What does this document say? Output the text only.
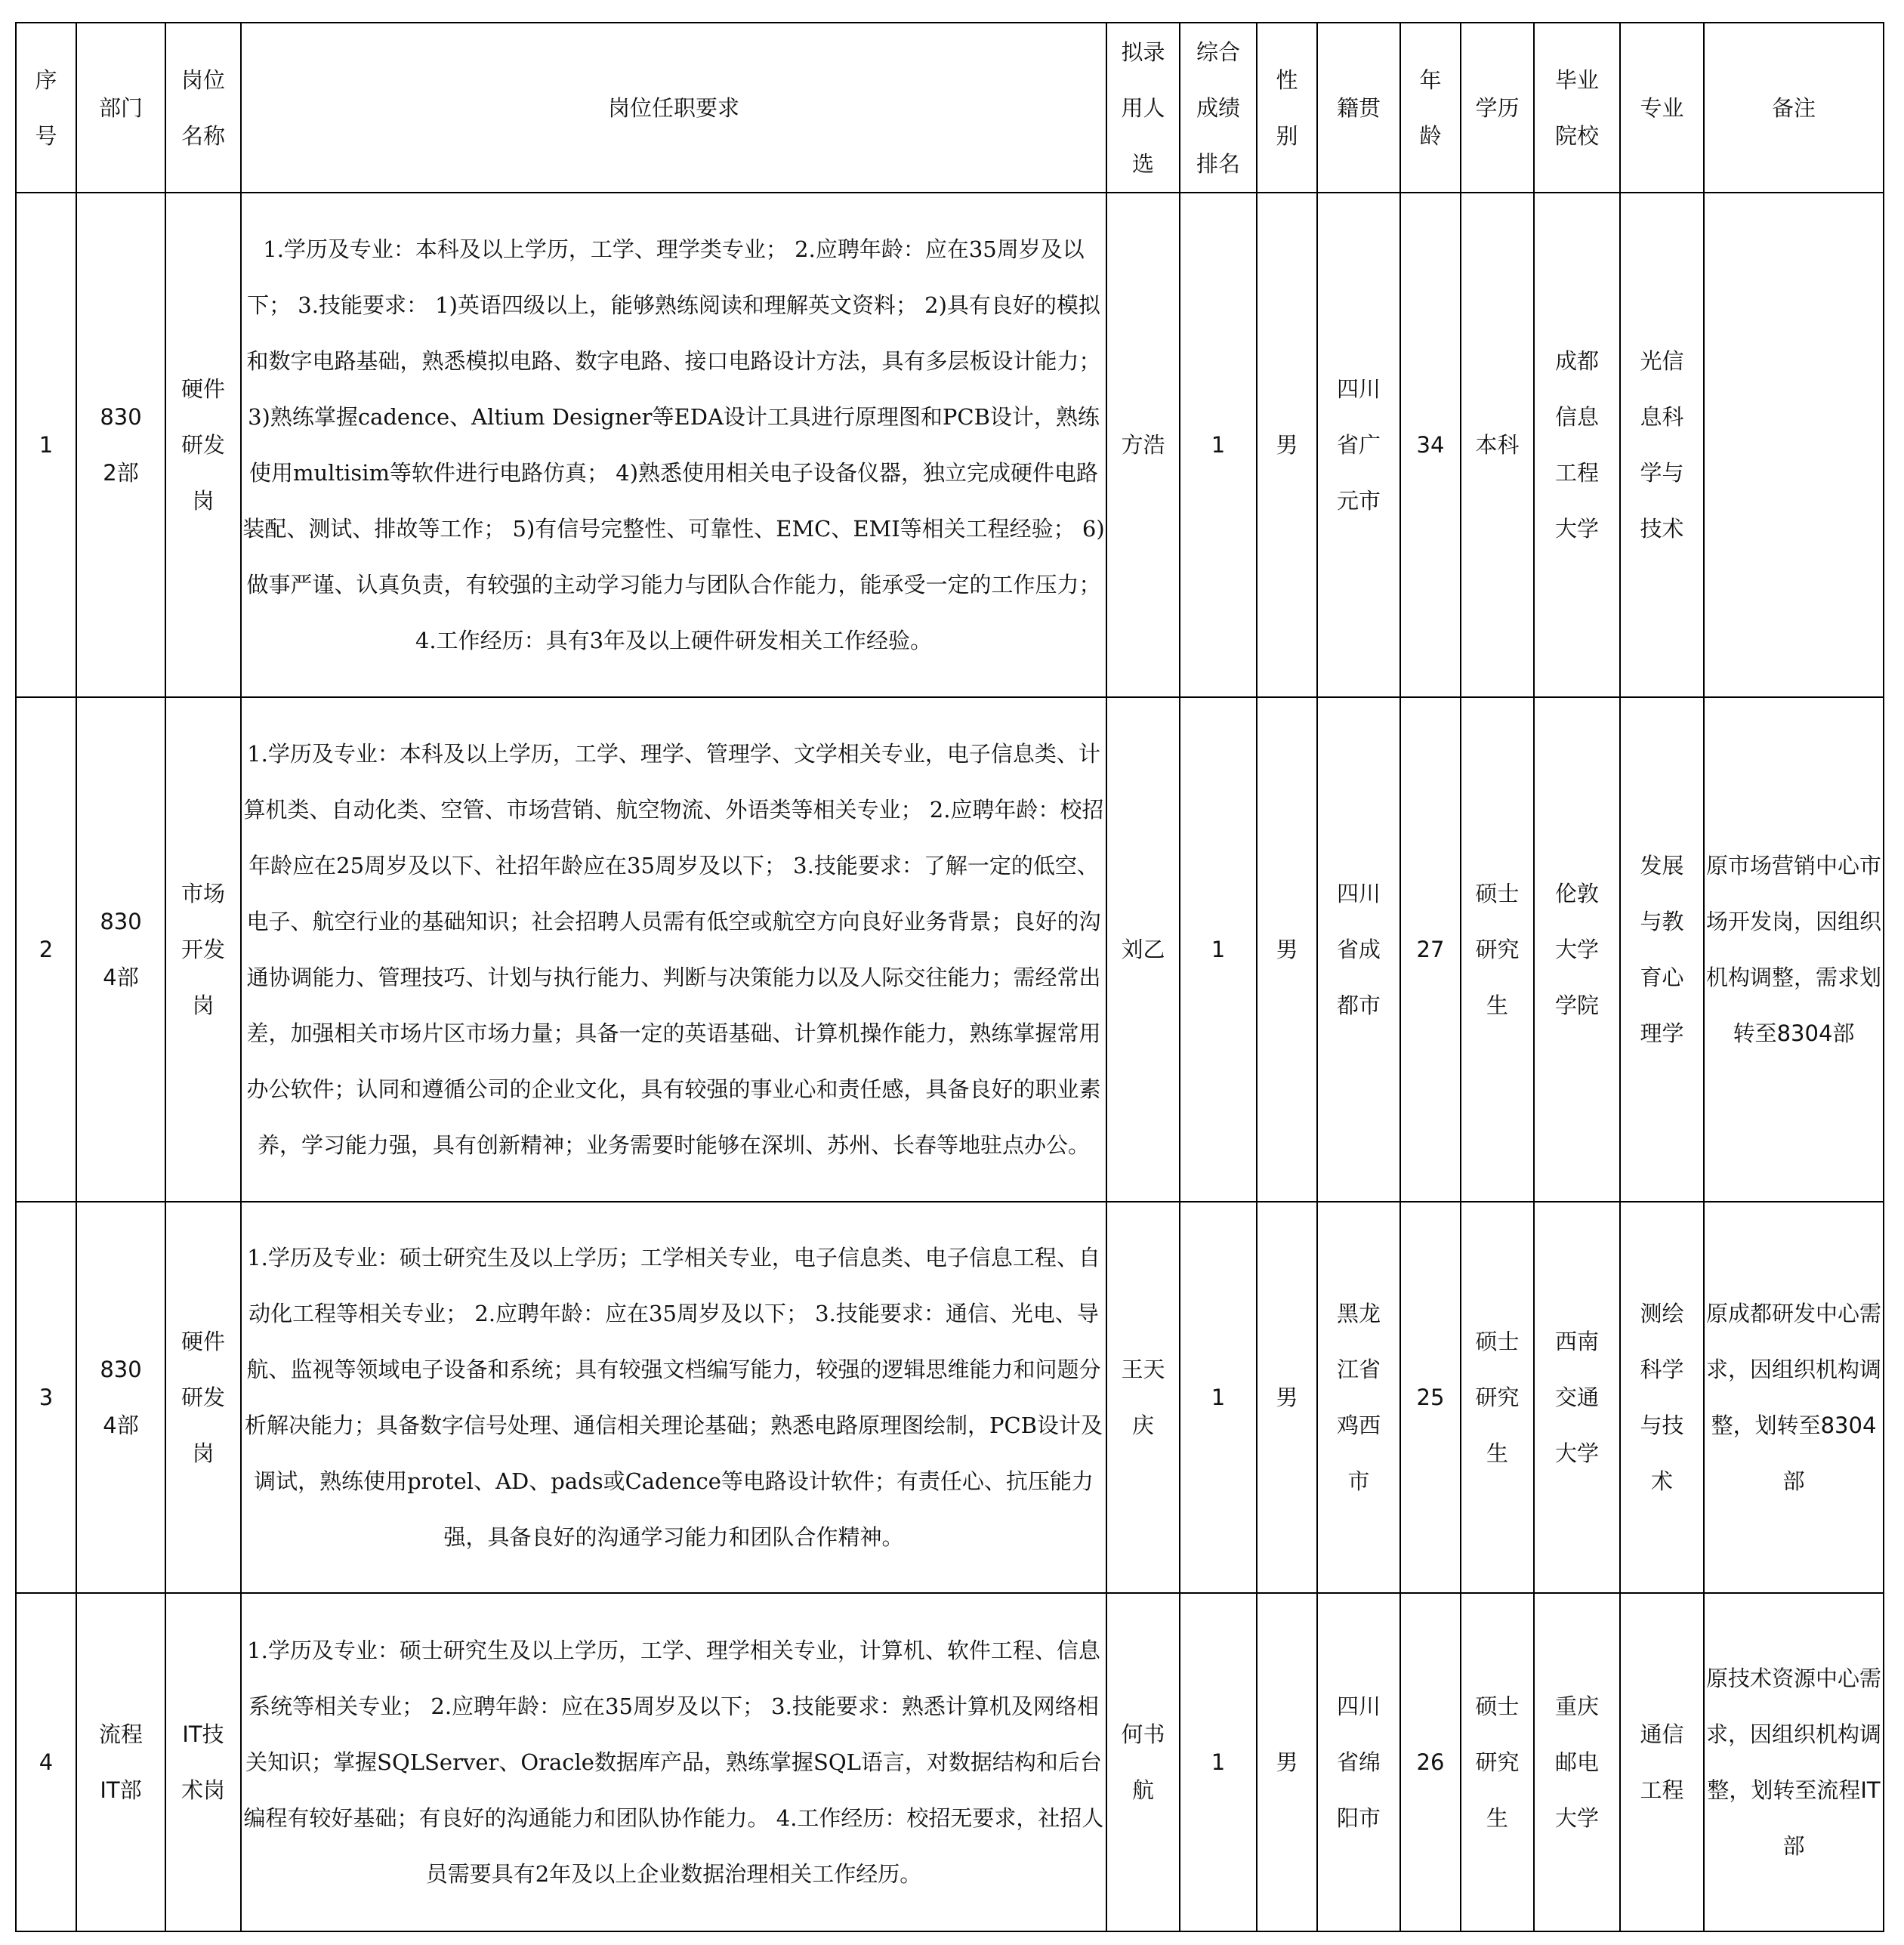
序号	部门	岗位名称	岗位任职要求	拟录用人选	综合成绩排名	性别	籍贯	年龄	学历	毕业院校	专业	备注
1	8302部	硬件研发岗	1.学历及专业：本科及以上学历，工学、理学类专业； 2.应聘年龄：应在35周岁及以下； 3.技能要求： 1)英语四级以上，能够熟练阅读和理解英文资料； 2)具有良好的模拟和数字电路基础，熟悉模拟电路、数字电路、接口电路设计方法，具有多层板设计能力； 3)熟练掌握cadence、Altium Designer等EDA设计工具进行原理图和PCB设计，熟练使用multisim等软件进行电路仿真； 4)熟悉使用相关电子设备仪器，独立完成硬件电路装配、测试、排故等工作； 5)有信号完整性、可靠性、EMC、EMI等相关工程经验； 6)做事严谨、认真负责，有较强的主动学习能力与团队合作能力，能承受一定的工作压力； 4.工作经历：具有3年及以上硬件研发相关工作经验。	方浩	1	男	四川省广元市	34	本科	成都信息工程大学	光信息科学与技术	

2	8304部	市场开发岗	1.学历及专业：本科及以上学历，工学、理学、管理学、文学相关专业，电子信息类、计算机类、自动化类、空管、市场营销、航空物流、外语类等相关专业； 2.应聘年龄：校招年龄应在25周岁及以下、社招年龄应在35周岁及以下； 3.技能要求：了解一定的低空、电子、航空行业的基础知识；社会招聘人员需有低空或航空方向良好业务背景；良好的沟通协调能力、管理技巧、计划与执行能力、判断与决策能力以及人际交往能力；需经常出差，加强相关市场片区市场力量；具备一定的英语基础、计算机操作能力，熟练掌握常用办公软件；认同和遵循公司的企业文化，具有较强的事业心和责任感，具备良好的职业素养，学习能力强，具有创新精神；业务需要时能够在深圳、苏州、长春等地驻点办公。	刘乙	1	男	四川省成都市	27	硕士研究生	伦敦大学学院	发展与教育心理学	原市场营销中心市场开发岗，因组织机构调整，需求划转至8304部
3	8304部	硬件研发岗	1.学历及专业：硕士研究生及以上学历；工学相关专业，电子信息类、电子信息工程、自动化工程等相关专业； 2.应聘年龄：应在35周岁及以下； 3.技能要求：通信、光电、导航、监视等领域电子设备和系统；具有较强文档编写能力，较强的逻辑思维能力和问题分析解决能力；具备数字信号处理、通信相关理论基础；熟悉电路原理图绘制，PCB设计及调试，熟练使用protel、AD、pads或Cadence等电路设计软件；有责任心、抗压能力强，具备良好的沟通学习能力和团队合作精神。	王天庆	1	男	黑龙江省鸡西市	25	硕士研究生	西南交通大学	测绘科学与技术	原成都研发中心需求，因组织机构调整，划转至8304部
4	流程IT部	IT技术岗	1.学历及专业：硕士研究生及以上学历，工学、理学相关专业，计算机、软件工程、信息系统等相关专业； 2.应聘年龄：应在35周岁及以下； 3.技能要求：熟悉计算机及网络相关知识；掌握SQLServer、Oracle数据库产品，熟练掌握SQL语言，对数据结构和后台编程有较好基础；有良好的沟通能力和团队协作能力。 4.工作经历：校招无要求，社招人员需要具有2年及以上企业数据治理相关工作经历。	何书航	1	男	四川省绵阳市	26	硕士研究生	重庆邮电大学	通信工程	原技术资源中心需求，因组织机构调整，划转至流程IT部
